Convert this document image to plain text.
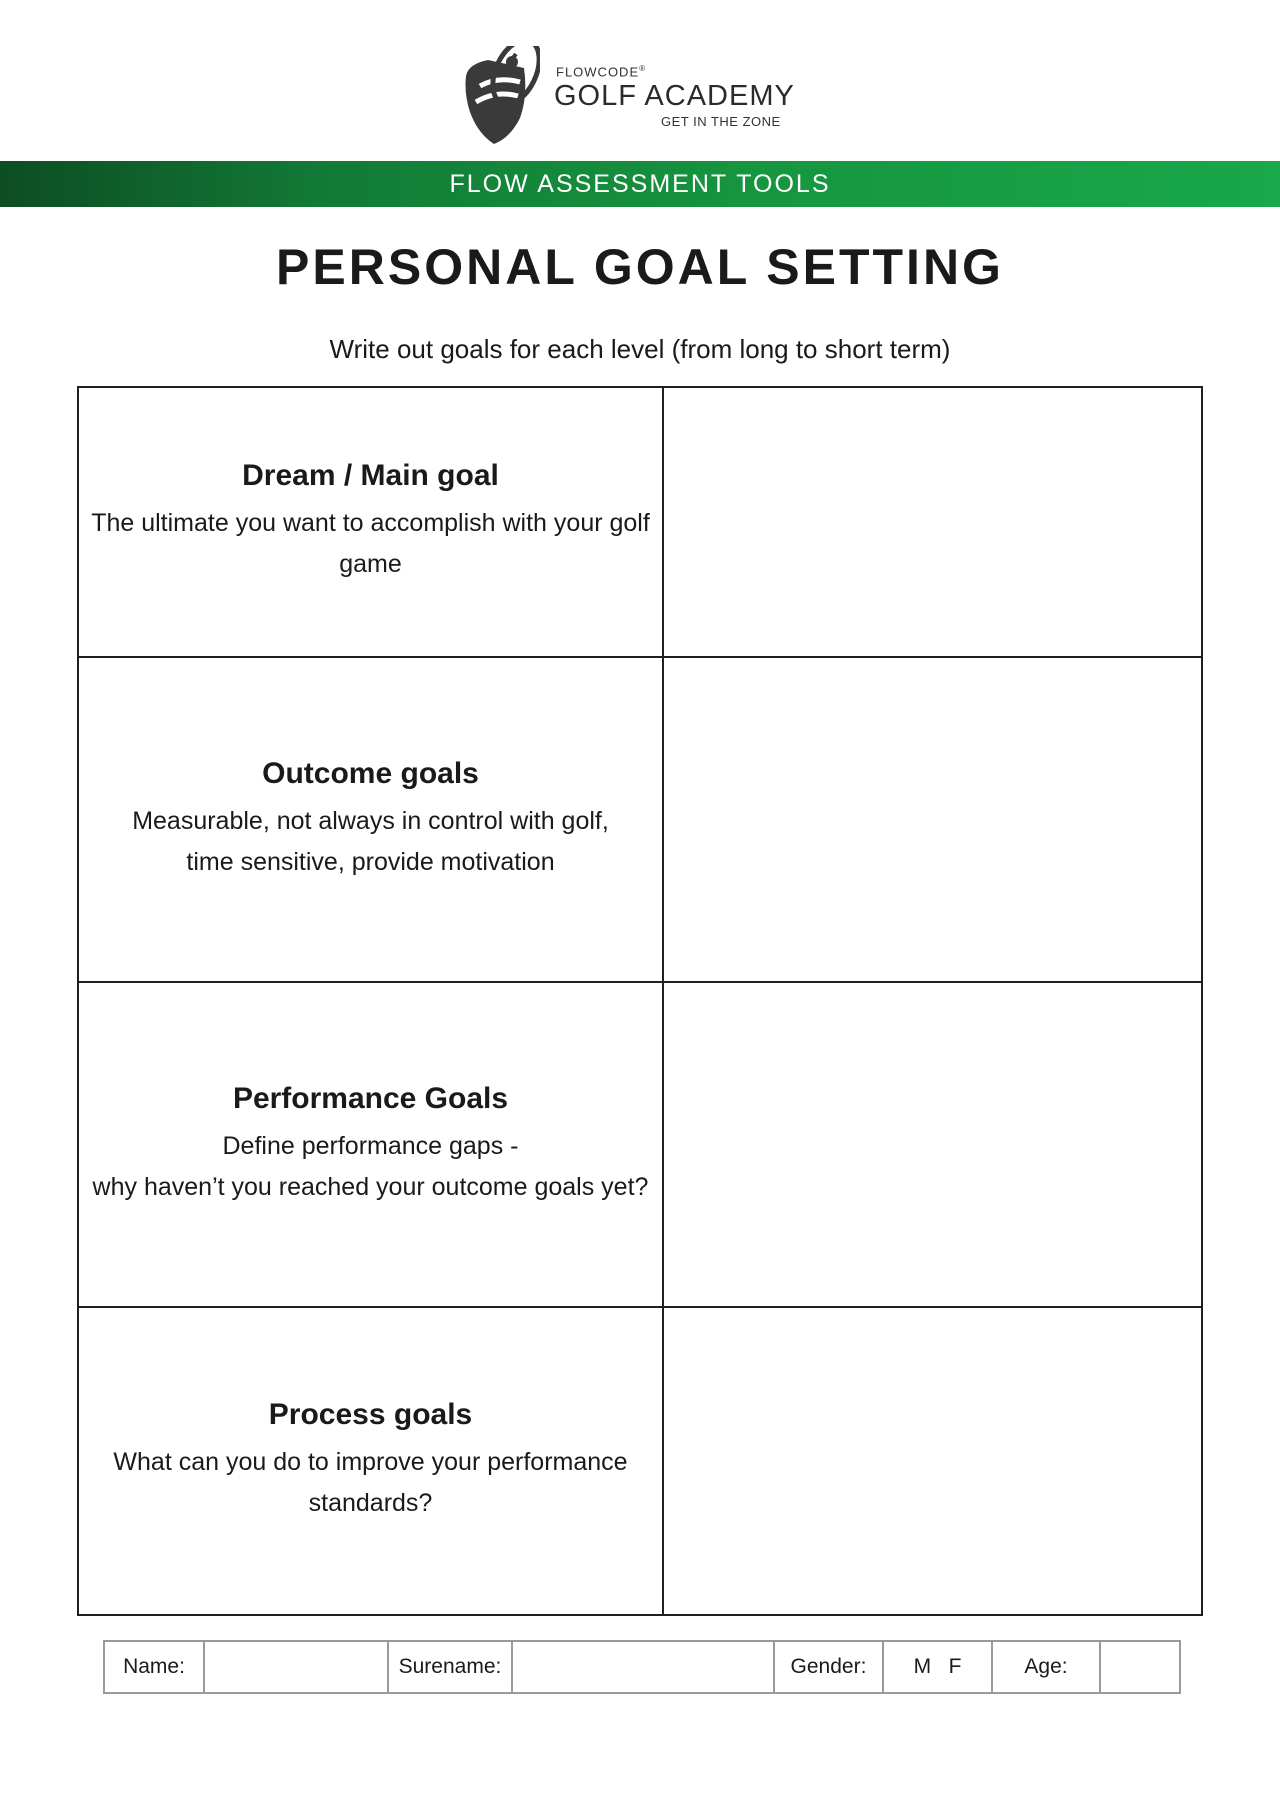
FLOWCODE®
GOLF ACADEMY
GET IN THE ZONE
FLOW ASSESSMENT TOOLS
PERSONAL GOAL SETTING
Write out goals for each level (from long to short term)
Dream / Main goal
The ultimate you want to accomplish with your golf game
Outcome goals
Measurable, not always in control with golf,
time sensitive, provide motivation
Performance Goals
Define performance gaps -
why haven’t you reached your outcome goals yet?
Process goals
What can you do to improve your performance standards?
Name:	Surename:	Gender:	M   F	Age:
